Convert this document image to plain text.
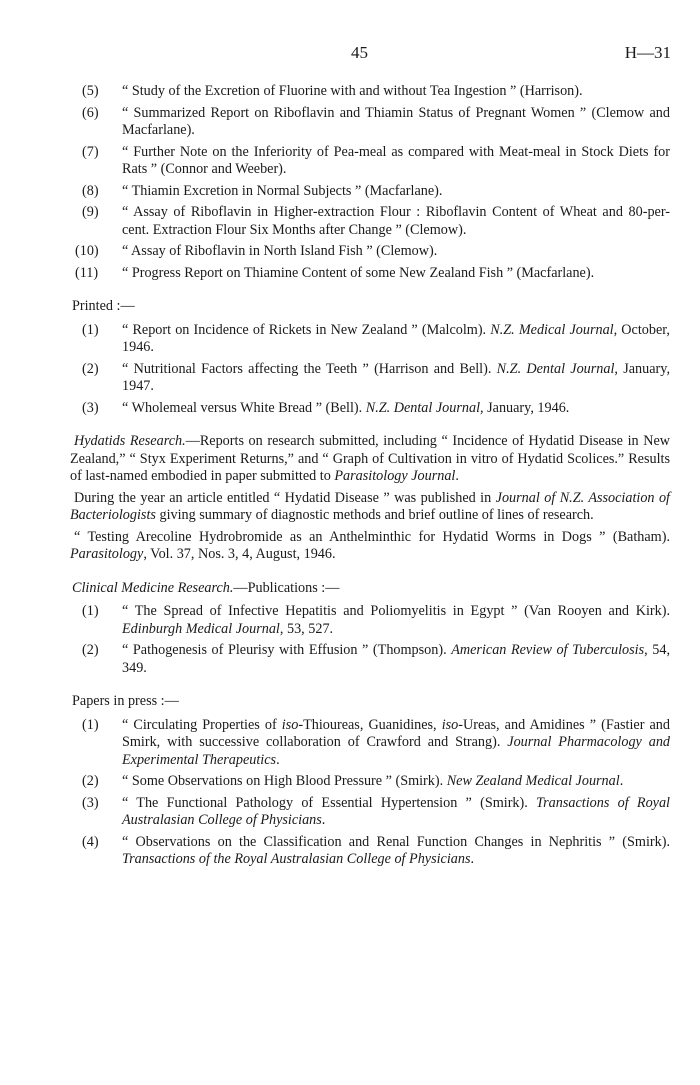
45	H—31
(5) “ Study of the Excretion of Fluorine with and without Tea Ingestion ” (Harrison).
(6) “ Summarized Report on Riboflavin and Thiamin Status of Pregnant Women ” (Clemow and Macfarlane).
(7) “ Further Note on the Inferiority of Pea-meal as compared with Meat-meal in Stock Diets for Rats ” (Connor and Weeber).
(8) “ Thiamin Excretion in Normal Subjects ” (Macfarlane).
(9) “ Assay of Riboflavin in Higher-extraction Flour : Riboflavin Content of Wheat and 80-per-cent. Extraction Flour Six Months after Change ” (Clemow).
(10) “ Assay of Riboflavin in North Island Fish ” (Clemow).
(11) “ Progress Report on Thiamine Content of some New Zealand Fish ” (Macfarlane).
Printed :—
(1) “ Report on Incidence of Rickets in New Zealand ” (Malcolm). N.Z. Medical Journal, October, 1946.
(2) “ Nutritional Factors affecting the Teeth ” (Harrison and Bell). N.Z. Dental Journal, January, 1947.
(3) “ Wholemeal versus White Bread ” (Bell). N.Z. Dental Journal, January, 1946.
Hydatids Research.—Reports on research submitted, including “ Incidence of Hydatid Disease in New Zealand,” “ Styx Experiment Returns,” and “ Graph of Cultivation in vitro of Hydatid Scolices.” Results of last-named embodied in paper submitted to Parasitology Journal.
During the year an article entitled “ Hydatid Disease ” was published in Journal of N.Z. Association of Bacteriologists giving summary of diagnostic methods and brief outline of lines of research.
“ Testing Arecoline Hydrobromide as an Anthelminthic for Hydatid Worms in Dogs ” (Batham). Parasitology, Vol. 37, Nos. 3, 4, August, 1946.
Clinical Medicine Research.—Publications :—
(1) “ The Spread of Infective Hepatitis and Poliomyelitis in Egypt ” (Van Rooyen and Kirk). Edinburgh Medical Journal, 53, 527.
(2) “ Pathogenesis of Pleurisy with Effusion ” (Thompson). American Review of Tuberculosis, 54, 349.
Papers in press :—
(1) “ Circulating Properties of iso-Thioureas, Guanidines, iso-Ureas, and Amidines ” (Fastier and Smirk, with successive collaboration of Crawford and Strang). Journal Pharmacology and Experimental Therapeutics.
(2) “ Some Observations on High Blood Pressure ” (Smirk). New Zealand Medical Journal.
(3) “ The Functional Pathology of Essential Hypertension ” (Smirk). Transactions of Royal Australasian College of Physicians.
(4) “ Observations on the Classification and Renal Function Changes in Nephritis ” (Smirk). Transactions of the Royal Australasian College of Physicians.
